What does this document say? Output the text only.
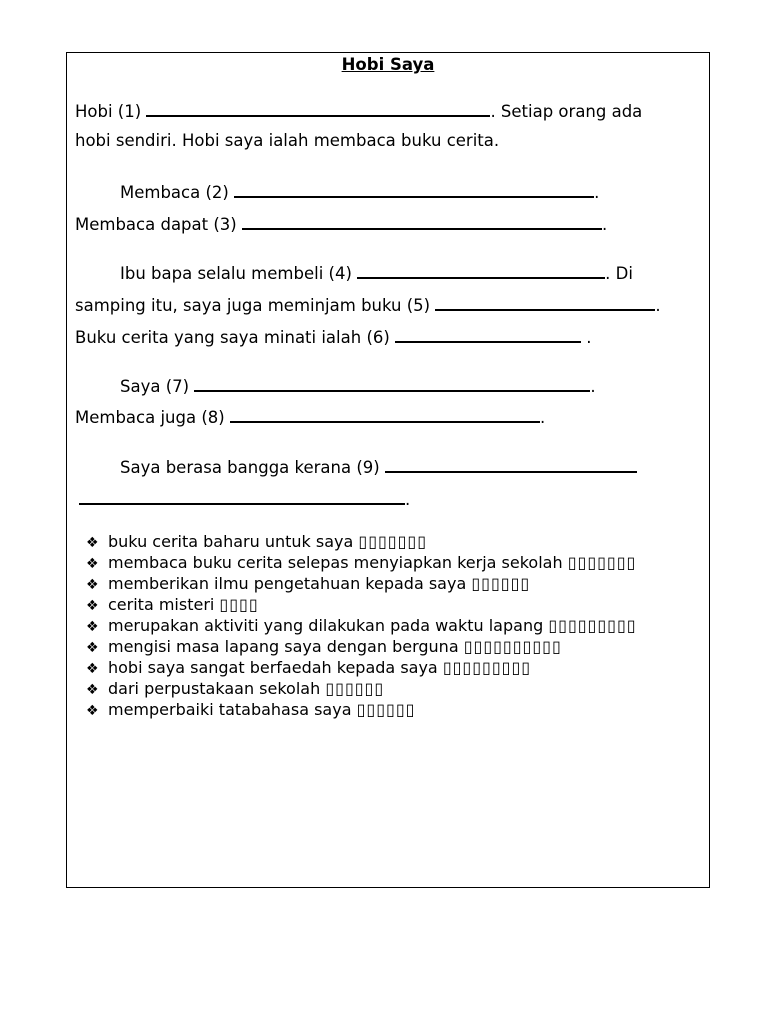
Hobi Saya
Hobi (1)	. Setiap orang ada
hobi sendiri. Hobi saya ialah membaca buku cerita.
Membaca (2)	.
Membaca dapat (3)	.
Ibu bapa selalu membeli (4)	. Di
samping itu, saya juga meminjam buku (5)	.
Buku cerita yang saya minati ialah (6)	.
Saya (7)	.
Membaca juga (8)	.
Saya berasa bangga kerana (9)
.
❖ buku cerita baharu untuk saya ▯▯▯▯▯▯▯
❖ membaca buku cerita selepas menyiapkan kerja sekolah ▯▯▯▯▯▯▯
❖ memberikan ilmu pengetahuan kepada saya ▯▯▯▯▯▯
❖ cerita misteri ▯▯▯▯
❖ merupakan aktiviti yang dilakukan pada waktu lapang ▯▯▯▯▯▯▯▯▯
❖ mengisi masa lapang saya dengan berguna ▯▯▯▯▯▯▯▯▯▯
❖ hobi saya sangat berfaedah kepada saya ▯▯▯▯▯▯▯▯▯
❖ dari perpustakaan sekolah ▯▯▯▯▯▯
❖ memperbaiki tatabahasa saya ▯▯▯▯▯▯
